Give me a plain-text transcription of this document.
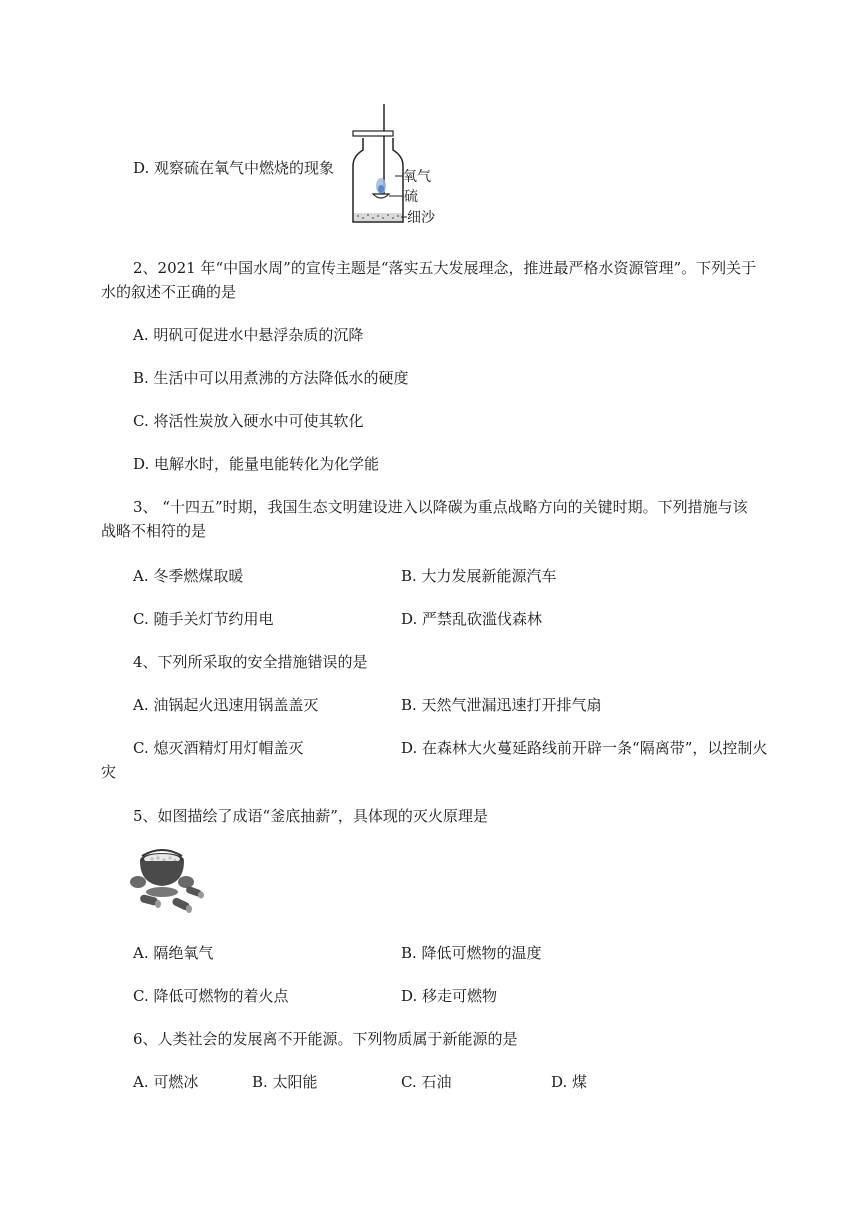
D. 观察硫在氧气中燃烧的现象	氧气
硫
细沙
2、2021 年“中国水周”的宣传主题是“落实五大发展理念，推进最严格水资源管理”。下列关于
水的叙述不正确的是
A. 明矾可促进水中悬浮杂质的沉降
B. 生活中可以用煮沸的方法降低水的硬度
C. 将活性炭放入硬水中可使其软化
D. 电解水时，能量电能转化为化学能
3、 “十四五”时期，我国生态文明建设进入以降碳为重点战略方向的关键时期。下列措施与该
战略不相符的是
A. 冬季燃煤取暖	B. 大力发展新能源汽车
C. 随手关灯节约用电	D. 严禁乱砍滥伐森林
4、下列所采取的安全措施错误的是
A. 油锅起火迅速用锅盖盖灭	B. 天然气泄漏迅速打开排气扇
C. 熄灭酒精灯用灯帽盖灭	D. 在森林大火蔓延路线前开辟一条“隔离带”，以控制火
灾
5、如图描绘了成语“釜底抽薪”，具体现的灭火原理是
A. 隔绝氧气	B. 降低可燃物的温度
C. 降低可燃物的着火点	D. 移走可燃物
6、人类社会的发展离不开能源。下列物质属于新能源的是
A. 可燃冰	B. 太阳能	C. 石油	D. 煤
